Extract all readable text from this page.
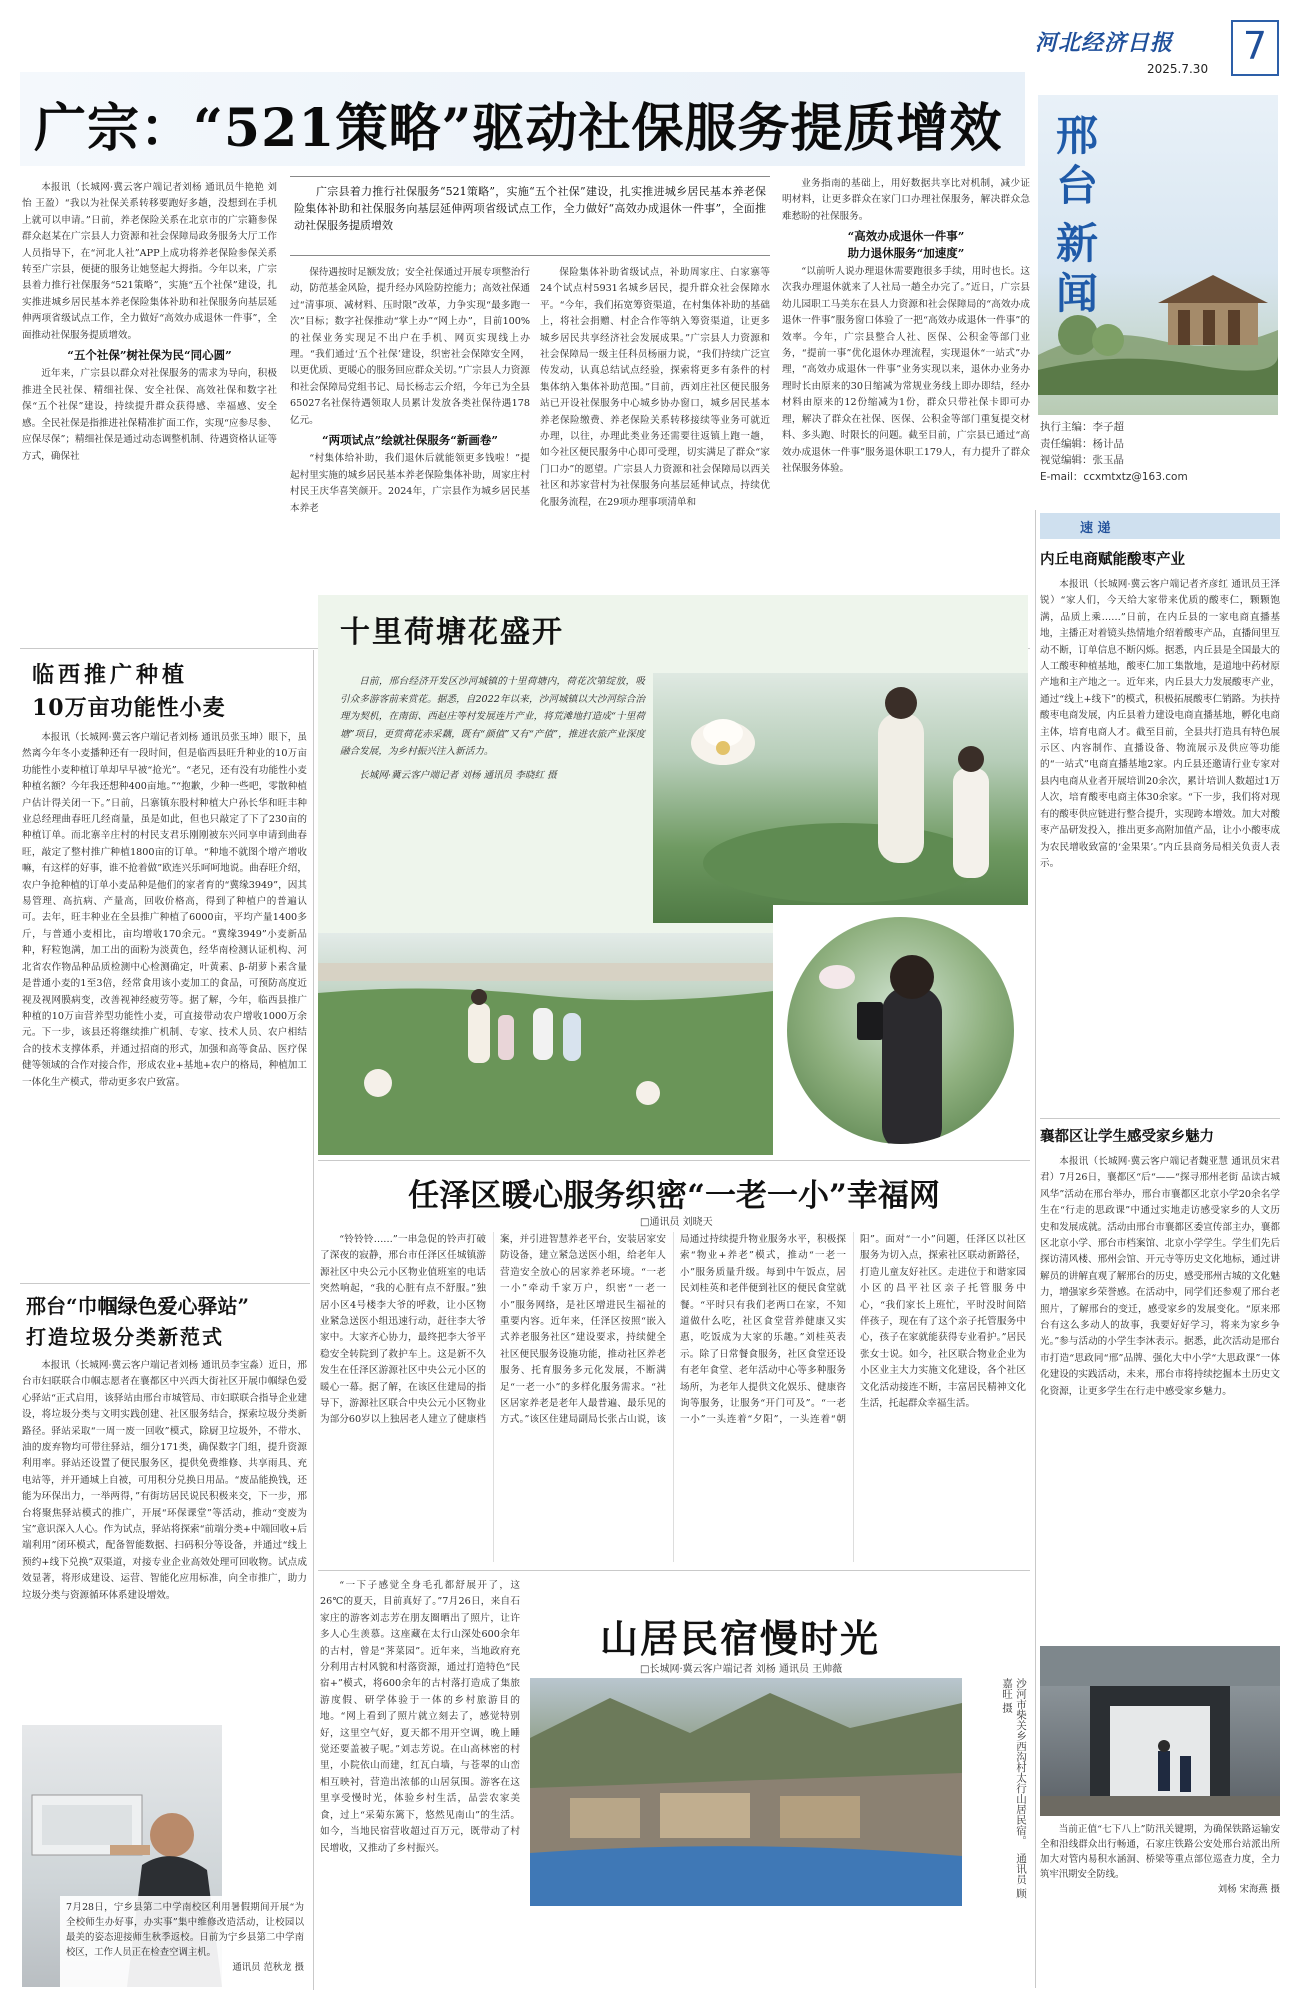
河北经济日报
2025.7.30
7
邢
台
新
闻
执行主编：李子超
责任编辑：杨计品
视觉编辑：张玉晶
E-mail：ccxmtxtz@163.com
广宗：“521策略”驱动社保服务提质增效

本报讯（长城网·冀云客户端记者刘杨 通讯员牛艳艳 刘怡 王盈）“我以为社保关系转移要跑好多趟，没想到在手机上就可以申请。”日前，养老保险关系在北京市的广宗籍参保群众赵某在广宗县人力资源和社会保障局政务服务大厅工作人员指导下，在“河北人社”APP上成功将养老保险参保关系转至广宗县，便捷的服务让她竖起大拇指。今年以来，广宗县着力推行社保服务“521策略”，实施“五个社保”建设，扎实推进城乡居民基本养老保险集体补助和社保服务向基层延伸两项省级试点工作，全力做好“高效办成退休一件事”，全面推动社保服务提质增效。

“五个社保”树社保为民“同心圆”

近年来，广宗县以群众对社保服务的需求为导向，积极推进全民社保、精细社保、安全社保、高效社保和数字社保“五个社保”建设，持续提升群众获得感、幸福感、安全感。全民社保是指推进社保精准扩面工作，实现“应参尽参、应保尽保”；精细社保是通过动态调整机制、待遇资格认证等方式，确保社

广宗县着力推行社保服务“521策略”，实施“五个社保”建设，扎实推进城乡居民基本养老保险集体补助和社保服务向基层延伸两项省级试点工作，全力做好“高效办成退休一件事”，全面推动社保服务提质增效

保待遇按时足额发放；安全社保通过开展专项整治行动，防范基金风险，提升经办风险防控能力；高效社保通过“清事项、减材料、压时限”改革，力争实现“最多跑一次”目标；数字社保推动“掌上办”“网上办”，目前100%的社保业务实现足不出户在手机、网页实现线上办理。“我们通过‘五个社保’建设，织密社会保障安全网，以更优质、更暖心的服务回应群众关切。”广宗县人力资源和社会保障局党组书记、局长杨志云介绍，今年已为全县65027名社保待遇领取人员累计发放各类社保待遇178亿元。

“两项试点”绘就社保服务“新画卷”

“村集体给补助，我们退休后就能领更多钱啦！”提起村里实施的城乡居民基本养老保险集体补助，周家庄村村民王庆华喜笑颜开。2024年，广宗县作为城乡居民基本养老

保险集体补助省级试点，补助周家庄、白家寨等24个试点村5931名城乡居民，提升群众社会保障水平。“今年，我们拓宽筹资渠道，在村集体补助的基础上，将社会捐赠、村企合作等纳入筹资渠道，让更多城乡居民共享经济社会发展成果。”广宗县人力资源和社会保障局一级主任科员杨丽力说，“我们持续广泛宣传发动，认真总结试点经验，探索将更多有条件的村集体纳入集体补助范围。”目前，西刘庄社区便民服务站已开设社保服务中心城乡协办窗口，城乡居民基本养老保险缴费、养老保险关系转移接续等业务可就近办理，以往，办理此类业务还需要往返镇上跑一趟，如今社区便民服务中心即可受理，切实满足了群众“家门口办”的愿望。广宗县人力资源和社会保障局以西关社区和苏家营村为社保服务向基层延伸试点，持续优化服务流程，在29项办理事项清单和

业务指南的基础上，用好数据共享比对机制，减少证明材料，让更多群众在家门口办理社保服务，解决群众急难愁盼的社保服务。

“高效办成退休一件事”
助力退休服务“加速度”

“以前听人说办理退休需要跑很多手续，用时也长。这次我办理退休就来了人社局一趟全办完了。”近日，广宗县幼儿园职工马美东在县人力资源和社会保障局的“高效办成退休一件事”服务窗口体验了一把“高效办成退休一件事”的效率。今年，广宗县整合人社、医保、公积金等部门业务，“提前一事”优化退休办理流程，实现退休“一站式”办理，“高效办成退休一件事”业务实现以来，退休办业务办理时长由原来的30日缩减为常规业务线上即办即结，经办材料由原来的12份缩减为1份，群众只带社保卡即可办理，解决了群众在社保、医保、公积金等部门重复提交材料、多头跑、时限长的问题。截至目前，广宗县已通过“高效办成退休一件事”服务退休职工179人，有力提升了群众社保服务体验。

速 递
临西推广种植
10万亩功能性小麦

本报讯（长城网·冀云客户端记者刘杨 通讯员张玉坤）眼下，虽然离今年冬小麦播种还有一段时间，但是临西县旺升种业的10万亩功能性小麦种植订单却早早被“抢光”。“老兄，还有没有功能性小麦种植名额？今年我还想种400亩地。”“抱歉，少种一些吧，零散种植户估计得关闭一下。”日前，吕寨镇东股村种植大户孙长华和旺丰种业总经理曲春旺几经商量，虽是如此，但也只敲定了下了230亩的种植订单。而北寨辛庄村的村民支君乐刚刚被东兴同享申请到曲春旺，敲定了整村推广种植1800亩的订单。“种地不就图个增产增收嘛，有这样的好事，谁不抢着做”欧连兴乐呵呵地说。曲春旺介绍，农户争抢种植的订单小麦品种是他们的家者育的“冀缘3949”，因其易管理、高抗病、产量高，回收价格高，得到了种植户的普遍认可。去年，旺丰种业在全县推广种植了6000亩，平均产量1400多斤，与普通小麦相比，亩均增收170余元。“冀缘3949”小麦新品种，籽粒饱满，加工出的面粉为淡黄色，经华南检测认证机构、河北省农作物品种品质检测中心检测确定，叶黄素、β-胡萝卜素含量是普通小麦的1至3倍，经常食用该小麦加工的食品，可预防高度近视及视网膜病变，改善视神经疲劳等。据了解，今年，临西县推广种植的10万亩营养型功能性小麦，可直接带动农户增收1000万余元。下一步，该县还将继续推广机制、专家、技术人员、农户相结合的技术支撑体系，并通过招商的形式，加强和高等食品、医疗保健等领域的合作对接合作，形成农业+基地+农户的格局，种植加工一体化生产模式，带动更多农户致富。

邢台“巾帼绿色爱心驿站”
打造垃圾分类新范式

本报讯（长城网·冀云客户端记者刘杨 通讯员李宝淼）近日，邢台市妇联联合巾帼志愿者在襄都区中兴西大街社区开展巾帼绿色爱心驿站“正式启用，该驿站由邢台市城管局、市妇联联合指导企业建设，将垃圾分类与文明实践创建、社区服务结合，探索垃圾分类新路径。驿站采取“一周一废一回收”模式，除厨卫垃圾外，不带水、油的废弃物均可带往驿站，细分171类，确保数字门组，提升资源利用率。驿站还设置了便民服务区，提供免费维修、共享雨具、充电站等，并开通城上自被，可用积分兑换日用品。“废品能换钱，还能为环保出力，一举两得，”有街坊居民说民积极来交，下一步，邢台将聚焦驿站模式的推广，开展“环保课堂”等活动，推动“变废为宝”意识深入人心。作为试点，驿站将探索“前端分类+中端回收+后端利用”闭环模式，配备智能数据、扫码积分等设备，并通过“线上预约+线下兑换”双渠道，对接专业企业高效处理可回收物。试点成效显著，将形成建设、运营、智能化应用标准，向全市推广，助力垃圾分类与资源循环体系建设增效。

7月28日，宁乡县第二中学南校区利用暑假期间开展“为全校师生办好事，办实事”集中维修改造活动，让校园以最美的姿态迎接师生秋季返校。日前为宁乡县第二中学南校区，工作人员正在检查空调主机。
通讯员 范秋龙 摄
十里荷塘花盛开

日前，邢台经济开发区沙河城镇的十里荷塘内，荷花次第绽放，吸引众多游客前来赏花。据悉，自2022年以来，沙河城镇以大沙河综合治理为契机，在南街、西赵庄等村发展连片产业，将荒滩地打造成“十里荷塘”项目，更赏荷花赤采藕，既有“颜值”又有“产值”，推进农旅产业深度融合发展，为乡村振兴注入新活力。

长城网·冀云客户端记者 刘杨 通讯员 李晓红 摄
任泽区暖心服务织密“一老一小”幸福网
□通讯员 刘晓天

“铃铃铃……”一串急促的铃声打破了深夜的寂静，邢台市任泽区任城镇游源社区中央公元小区物业值班室的电话突然响起，“我的心脏有点不舒服。”独居小区4号楼李大爷的呼救，让小区物业紧急送医小组迅速行动，赶往李大爷家中。大家齐心协力，最终把李大爷平稳安全转院到了救护车上。这是新不久发生在任泽区游源社区中央公元小区的暖心一幕。据了解，在该区住建局的指导下，游源社区联合中央公元小区物业为部分60岁以上独居老人建立了健康档案，并引进智慧养老平台，安装居家安防设备，建立紧急送医小组，给老年人营造安全放心的居家养老环境。“一老一小”牵动千家万户，织密“一老一小”服务网络，是社区增进民生福祉的重要内容。近年来，任泽区按照“嵌入式养老服务社区”建设要求，持续健全社区便民服务设施功能，推动社区养老服务、托育服务多元化发展，不断满足“一老一小”的多样化服务需求。“社区居家养老是老年人最普遍、最乐见的方式。”该区住建局副局长张占山说，该局通过持续提升物业服务水平，积极探索“物业+养老”模式，推动“一老一小”服务质量升级。每到中午饭点，居民刘桂英和老伴便到社区的便民食堂就餐。“平时只有我们老两口在家，不知道做什么吃，社区食堂营养健康又实惠，吃饭成为大家的乐趣。”刘桂英表示。除了日常餐食服务，社区食堂还设有老年食堂、老年活动中心等多种服务场所，为老年人提供文化娱乐、健康咨询等服务，让服务“开门可及”。“一老一小”一头连着“夕阳”，一头连着“朝阳”。面对“一小”问题，任泽区以社区服务为切入点，探索社区联动新路径，打造儿童友好社区。走进位于和谐家园小区的昌平社区亲子托管服务中心，“我们家长上班忙，平时没时间陪伴孩子，现在有了这个亲子托管服务中心，孩子在家就能获得专业看护。”居民张女士说。如今，社区联合物业企业为小区业主大力实施文化建设，各个社区文化活动接连不断，丰富居民精神文化生活，托起群众幸福生活。

“一下子感觉全身毛孔都舒展开了，这26℃的夏天，目前真好了。”7月26日，来自石家庄的游客刘志芳在朋友圈晒出了照片，让许多人心生羡慕。这座藏在太行山深处600余年的古村，曾是“荠菜园”。近年来，当地政府充分利用古村风貌和村落资源，通过打造特色“民宿+”模式，将600余年的古村落打造成了集旅游度假、研学体验于一体的乡村旅游目的地。“网上看到了照片就立刻去了，感觉特别好，这里空气好，夏天都不用开空调，晚上睡觉还要盖被子呢。”刘志芳说。在山高林密的村里，小院依山而建，红瓦白墙，与苍翠的山峦相互映衬，营造出浓郁的山居氛围。游客在这里享受慢时光，体验乡村生活，品尝农家美食，过上“采菊东篱下，悠然见南山”的生活。如今，当地民宿营收超过百万元，既带动了村民增收，又推动了乡村振兴。

山居民宿慢时光
□长城网·冀云客户端记者 刘杨 通讯员 王帅薇
沙河市柴关乡西沟村太行山居民宿。 通讯员 顾嘉旺 摄
内丘电商赋能酸枣产业

本报讯（长城网·冀云客户端记者齐彦红 通讯员王泽锐）“家人们，今天给大家带来优质的酸枣仁，颗颗饱满，品质上乘……”日前，在内丘县的一家电商直播基地，主播正对着镜头热情地介绍着酸枣产品，直播间里互动不断，订单信息不断闪烁。据悉，内丘县是全国最大的人工酸枣种植基地，酸枣仁加工集散地，是道地中药材原产地和主产地之一。近年来，内丘县大力发展酸枣产业，通过“线上+线下”的模式，积极拓展酸枣仁销路。为扶持酸枣电商发展，内丘县着力建设电商直播基地，孵化电商主体，培育电商人才。截至目前，全县共打造具有特色展示区、内容制作、直播设备、物流展示及供应等功能的“一站式”电商直播基地2家。内丘县还邀请行业专家对县内电商从业者开展培训20余次，累计培训人数超过1万人次，培育酸枣电商主体30余家。“下一步，我们将对现有的酸枣供应链进行整合提升，实现跨本增效。加大对酸枣产品研发投入，推出更多高附加值产品，让小小酸枣成为农民增收致富的‘金果果’。”内丘县商务局相关负责人表示。

襄都区让学生感受家乡魅力

本报讯（长城网·冀云客户端记者魏亚慧 通讯员宋君君）7月26日，襄都区“后“——“探寻邢州老街 品读古城风华”活动在邢台举办，邢台市襄都区北京小学20余名学生在“行走的思政课”中通过实地走访感受家乡的人文历史和发展成就。活动由邢台市襄都区委宣传部主办，襄都区北京小学、邢台市档案馆、北京小学学生。学生们先后探访清风楼、邢州会馆、开元寺等历史文化地标，通过讲解员的讲解直观了解邢台的历史，感受邢州古城的文化魅力，增强家乡荣誉感。在活动中，同学们还参观了邢台老照片，了解邢台的变迁，感受家乡的发展变化。“原来邢台有这么多动人的故事，我要好好学习，将来为家乡争光。”参与活动的小学生李沐表示。据悉，此次活动是邢台市打造“思政同“邢”品牌、强化大中小学“大思政课”一体化建设的实践活动，未来，邢台市将持续挖掘本土历史文化资源，让更多学生在行走中感受家乡魅力。

当前正值“七下八上”防汛关键期，为确保铁路运输安全和沿线群众出行畅通，石家庄铁路公安处邢台站派出所加大对管内易积水涵洞、桥梁等重点部位巡查力度，全力筑牢汛期安全防线。

刘杨 宋海燕 摄
